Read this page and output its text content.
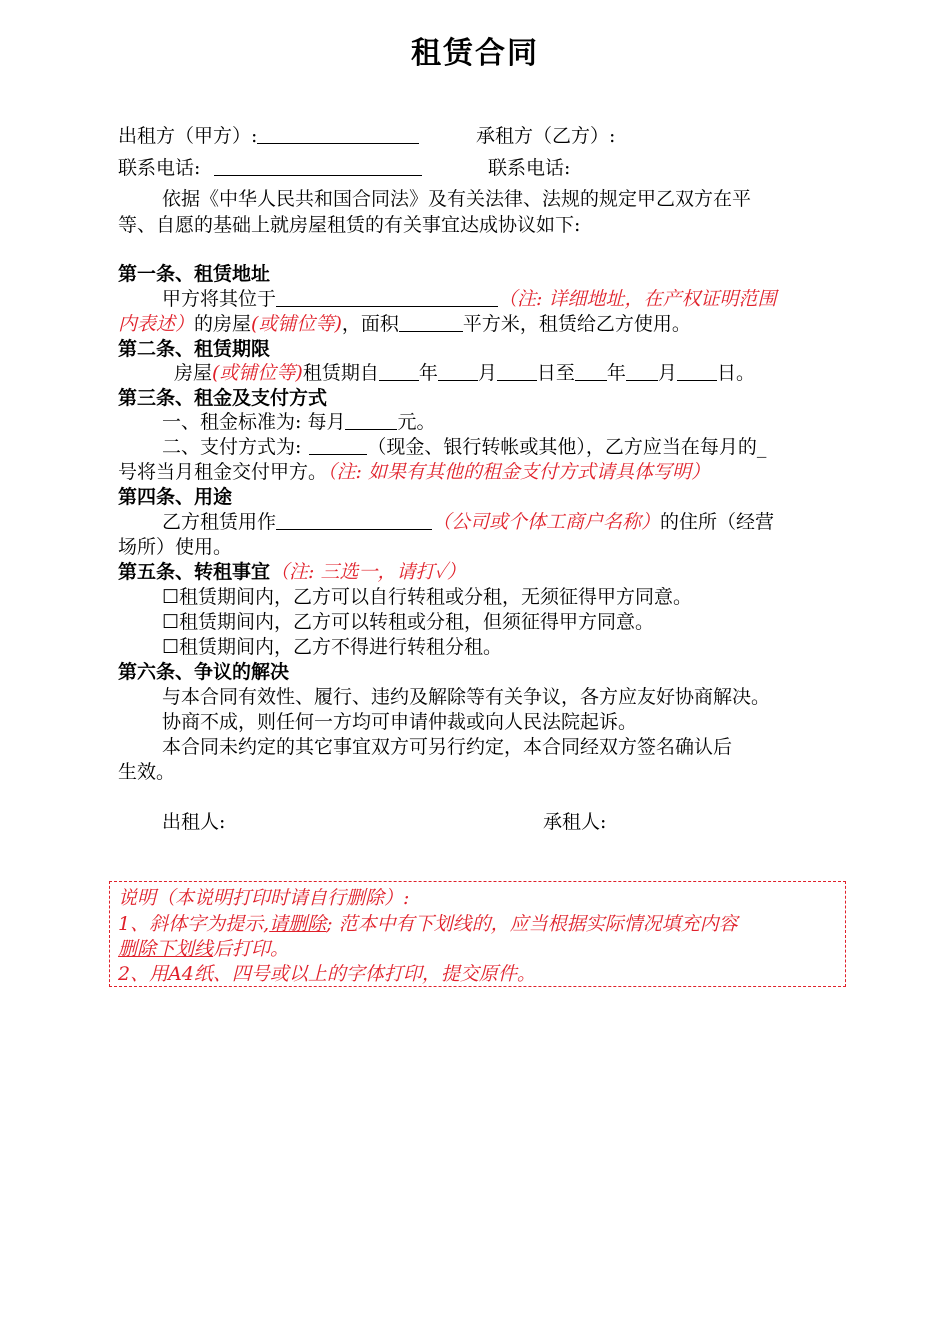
租赁合同
出租方（甲方）:	承租方（乙方）:
联系电话:	联系电话:
依据《中华人民共和国合同法》及有关法律、法规的规定甲乙双方在平
等、自愿的基础上就房屋租赁的有关事宜达成协议如下:
第一条、租赁地址
甲方将其位于	（注: 详细地址，在产权证明范围
内表述）的房屋(或铺位等)，面积	平方米，租赁给乙方使用。
第二条、租赁期限
房屋(或铺位等)租赁期自 年 月 日至 年 月 日。
第三条、租金及支付方式
一、租金标准为: 每月	元。
二、支付方式为:	（现金、银行转帐或其他），乙方应当在每月的_
号将当月租金交付甲方。（注: 如果有其他的租金支付方式请具体写明）
第四条、用途
乙方租赁用作	（公司或个体工商户名称）的住所（经营
场所）使用。
第五条、转租事宜（注: 三选一，请打✓）
☐租赁期间内，乙方可以自行转租或分租，无须征得甲方同意。
☐租赁期间内，乙方可以转租或分租，但须征得甲方同意。
☐租赁期间内，乙方不得进行转租分租。
第六条、争议的解决
与本合同有效性、履行、违约及解除等有关争议，各方应友好协商解决。
协商不成，则任何一方均可申请仲裁或向人民法院起诉。
本合同未约定的其它事宜双方可另行约定，本合同经双方签名确认后
生效。
出租人:	承租人:
说明（本说明打印时请自行删除）:
1、斜体字为提示,请删除; 范本中有下划线的，应当根据实际情况填充内容
删除下划线后打印。
2、用A4纸、四号或以上的字体打印，提交原件。
